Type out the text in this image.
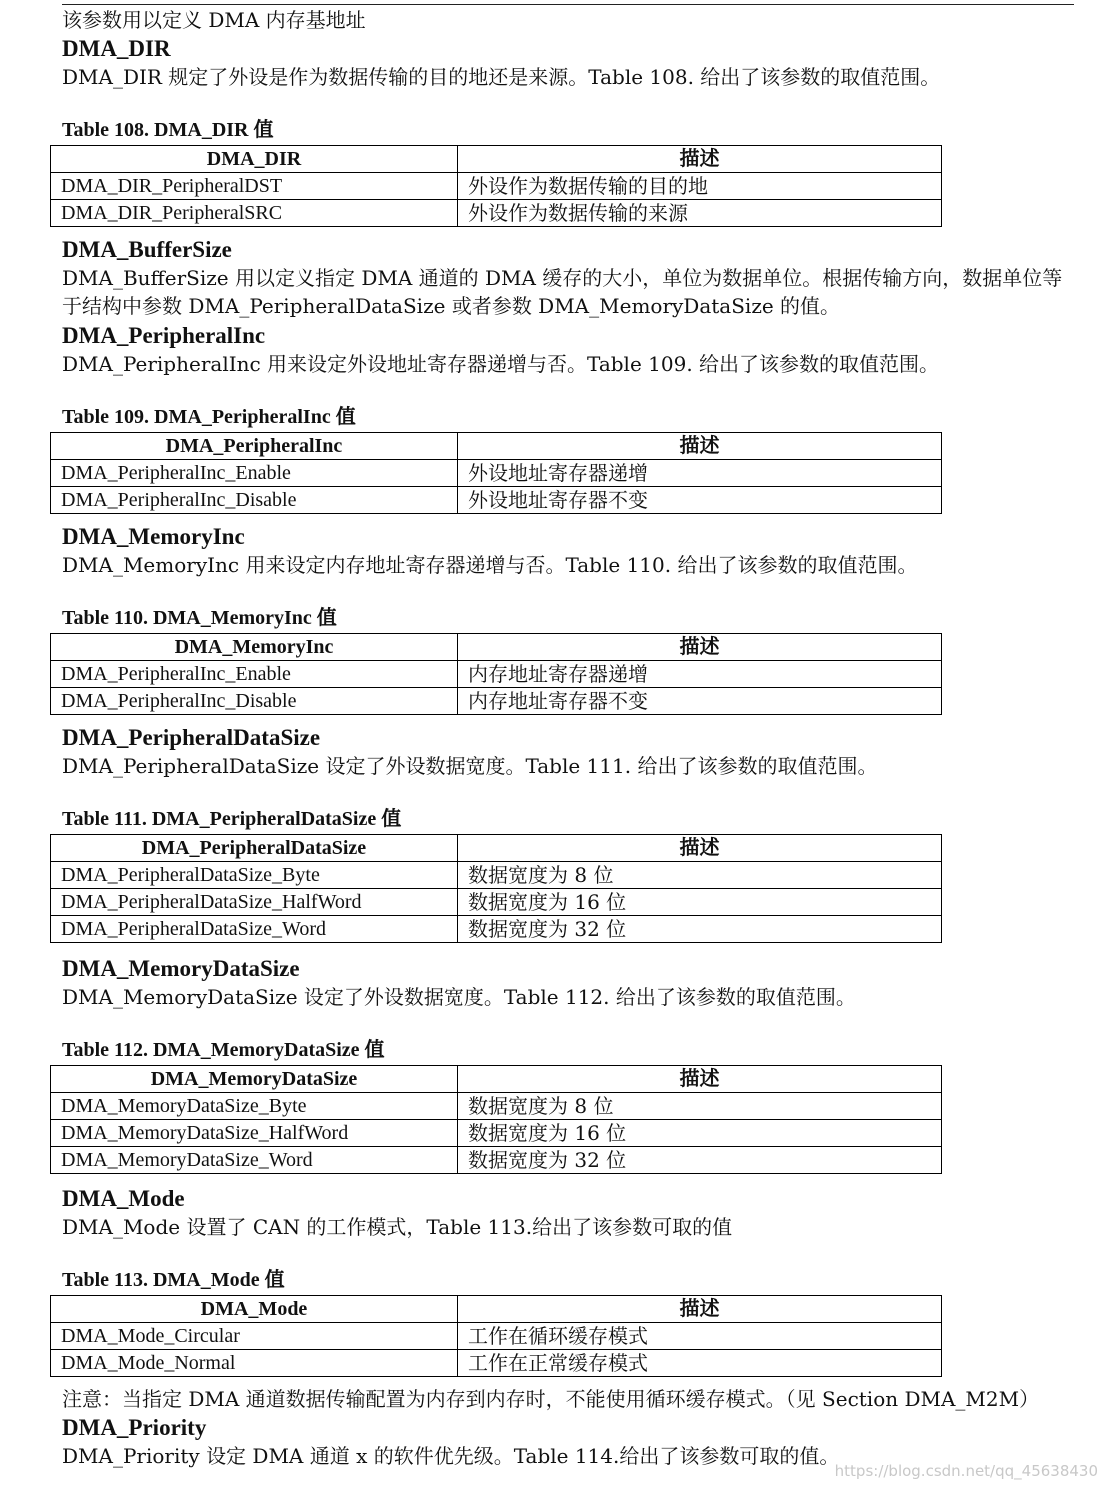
该参数用以定义 DMA 内存基地址
DMA_DIR
DMA_DIR 规定了外设是作为数据传输的目的地还是来源。Table 108. 给出了该参数的取值范围。
Table 108. DMA_DIR 值
DMA_DIR	描述
DMA_DIR_PeripheralDST	外设作为数据传输的目的地
DMA_DIR_PeripheralSRC	外设作为数据传输的来源
DMA_BufferSize
DMA_BufferSize 用以定义指定 DMA 通道的 DMA 缓存的大小，单位为数据单位。根据传输方向，数据单位等于结构中参数 DMA_PeripheralDataSize 或者参数 DMA_MemoryDataSize 的值。
DMA_PeripheralInc
DMA_PeripheralInc 用来设定外设地址寄存器递增与否。Table 109. 给出了该参数的取值范围。
Table 109. DMA_PeripheralInc 值
DMA_PeripheralInc	描述
DMA_PeripheralInc_Enable	外设地址寄存器递增
DMA_PeripheralInc_Disable	外设地址寄存器不变
DMA_MemoryInc
DMA_MemoryInc 用来设定内存地址寄存器递增与否。Table 110. 给出了该参数的取值范围。
Table 110. DMA_MemoryInc 值
DMA_MemoryInc	描述
DMA_PeripheralInc_Enable	内存地址寄存器递增
DMA_PeripheralInc_Disable	内存地址寄存器不变
DMA_PeripheralDataSize
DMA_PeripheralDataSize 设定了外设数据宽度。Table 111. 给出了该参数的取值范围。
Table 111. DMA_PeripheralDataSize 值
DMA_PeripheralDataSize	描述
DMA_PeripheralDataSize_Byte	数据宽度为 8 位
DMA_PeripheralDataSize_HalfWord	数据宽度为 16 位
DMA_PeripheralDataSize_Word	数据宽度为 32 位
DMA_MemoryDataSize
DMA_MemoryDataSize 设定了外设数据宽度。Table 112. 给出了该参数的取值范围。
Table 112. DMA_MemoryDataSize 值
DMA_MemoryDataSize	描述
DMA_MemoryDataSize_Byte	数据宽度为 8 位
DMA_MemoryDataSize_HalfWord	数据宽度为 16 位
DMA_MemoryDataSize_Word	数据宽度为 32 位
DMA_Mode
DMA_Mode 设置了 CAN 的工作模式，Table 113.给出了该参数可取的值
Table 113. DMA_Mode 值
DMA_Mode	描述
DMA_Mode_Circular	工作在循环缓存模式
DMA_Mode_Normal	工作在正常缓存模式
注意：当指定 DMA 通道数据传输配置为内存到内存时，不能使用循环缓存模式。（见 Section DMA_M2M）
DMA_Priority
DMA_Priority 设定 DMA 通道 x 的软件优先级。Table 114.给出了该参数可取的值。
https://blog.csdn.net/qq_45638430
